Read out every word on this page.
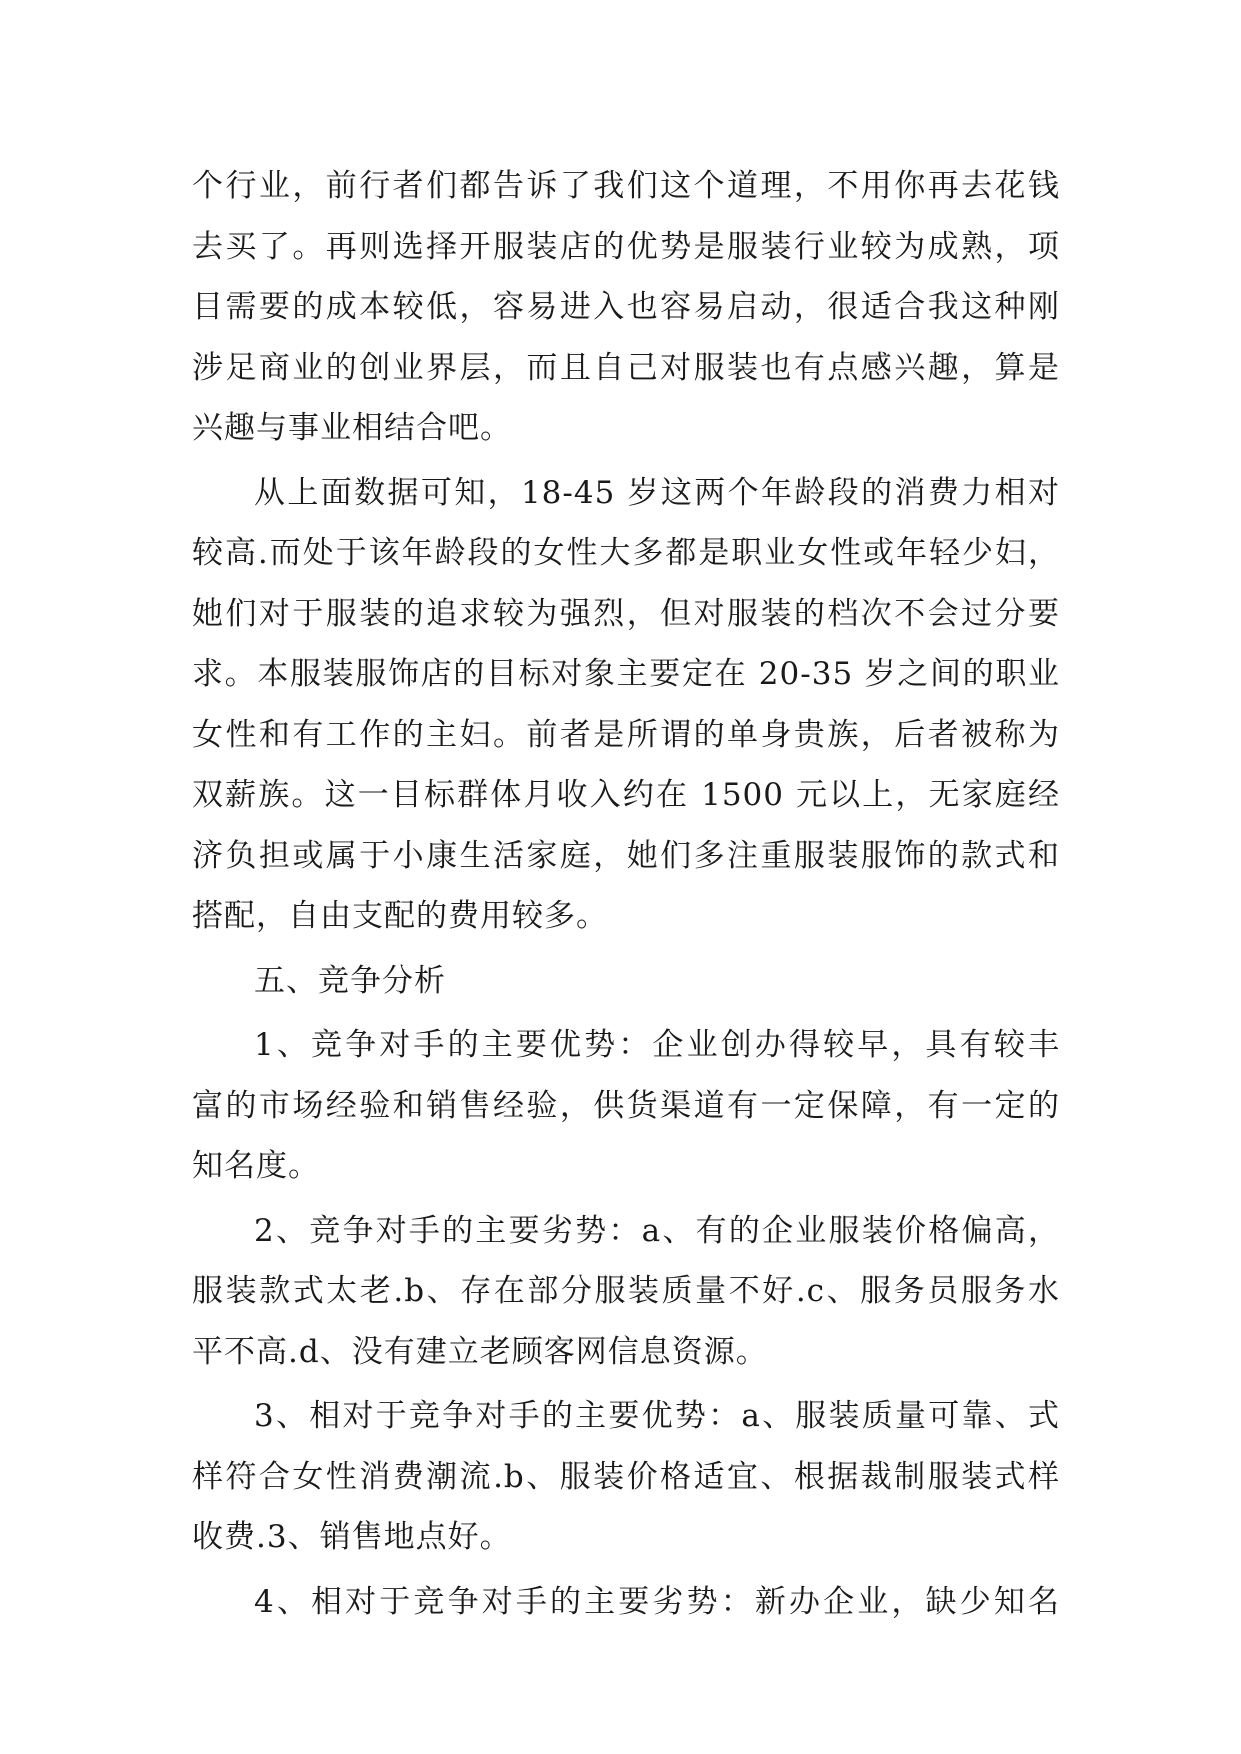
个行业，前行者们都告诉了我们这个道理，不用你再去花钱
去买了。再则选择开服装店的优势是服装行业较为成熟，项
目需要的成本较低，容易进入也容易启动，很适合我这种刚
涉足商业的创业界层，而且自己对服装也有点感兴趣，算是
兴趣与事业相结合吧。
从上面数据可知，18-45 岁这两个年龄段的消费力相对
较高.而处于该年龄段的女性大多都是职业女性或年轻少妇，
她们对于服装的追求较为强烈，但对服装的档次不会过分要
求。本服装服饰店的目标对象主要定在 20-35 岁之间的职业
女性和有工作的主妇。前者是所谓的单身贵族，后者被称为
双薪族。这一目标群体月收入约在 1500 元以上，无家庭经
济负担或属于小康生活家庭，她们多注重服装服饰的款式和
搭配，自由支配的费用较多。
五、竞争分析
1、竞争对手的主要优势：企业创办得较早，具有较丰
富的市场经验和销售经验，供货渠道有一定保障，有一定的
知名度。
2、竞争对手的主要劣势：a、有的企业服装价格偏高，
服装款式太老.b、存在部分服装质量不好.c、服务员服务水
平不高.d、没有建立老顾客网信息资源。
3、相对于竞争对手的主要优势：a、服装质量可靠、式
样符合女性消费潮流.b、服装价格适宜、根据裁制服装式样
收费.3、销售地点好。
4、相对于竞争对手的主要劣势：新办企业，缺少知名
